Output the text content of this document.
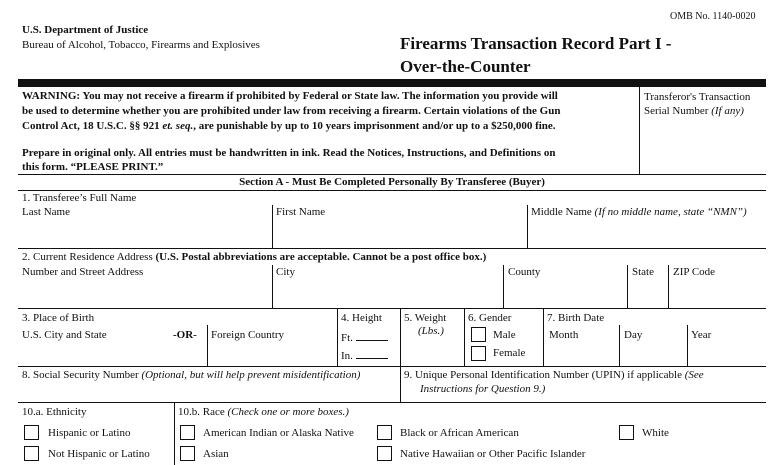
OMB No. 1140-0020
U.S. Department of Justice
Bureau of Alcohol, Tobacco, Firearms and Explosives	Firearms Transaction Record Part I -
Over-the-Counter
WARNING: You may not receive a firearm if prohibited by Federal or State law. The information you provide will
be used to determine whether you are prohibited under law from receiving a firearm. Certain violations of the Gun
Control Act, 18 U.S.C. §§ 921 et. seq., are punishable by up to 10 years imprisonment and/or up to a $250,000 fine.
Prepare in original only. All entries must be handwritten in ink. Read the Notices, Instructions, and Definitions on
this form. “PLEASE PRINT.”
Transferor's Transaction
Serial Number (If any)
Section A - Must Be Completed Personally By Transferee (Buyer)
1. Transferee’s Full Name
Last Name	First Name	Middle Name (If no middle name, state “NMN”)
2. Current Residence Address (U.S. Postal abbreviations are acceptable. Cannot be a post office box.)
Number and Street Address	City	County	State ZIP Code
3. Place of Birth
U.S. City and State	-OR- Foreign Country
4. Height
Ft.
In.
5. Weight
(Lbs.)
6. Gender
Male
Female
7. Birth Date
Month	Day	Year
8. Social Security Number (Optional, but will help prevent misidentification)	9. Unique Personal Identification Number (UPIN) if applicable (See
Instructions for Question 9.)
10.a. Ethnicity
Hispanic or Latino
Not Hispanic or Latino
10.b. Race (Check one or more boxes.)
American Indian or Alaska Native	Black or African American	White
Asian	Native Hawaiian or Other Pacific Islander
